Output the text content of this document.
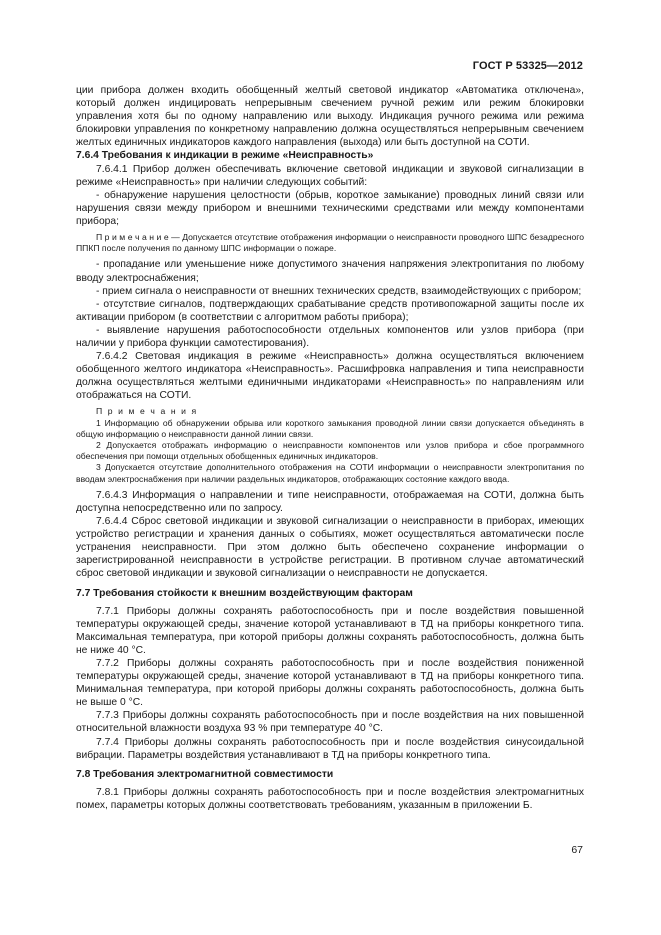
ГОСТ Р 53325—2012

ции прибора должен входить обобщенный желтый световой индикатор «Автоматика отключена», который должен индицировать непрерывным свечением ручной режим или режим блокировки управления хотя бы по одному направлению или выходу. Индикация ручного режима или режима блокировки управления по конкретному направлению должна осуществляться непрерывным свечением желтых единичных индикаторов каждого направления (выхода) или быть доступной на СОТИ.

7.6.4 Требования к индикации в режиме «Неисправность»

7.6.4.1 Прибор должен обеспечивать включение световой индикации и звуковой сигнализации в режиме «Неисправность» при наличии следующих событий:

- обнаружение нарушения целостности (обрыв, короткое замыкание) проводных линий связи или нарушения связи между прибором и внешними техническими средствами или между компонентами прибора;

П р и м е ч а н и е — Допускается отсутствие отображения информации о неисправности проводного ШПС безадресного ППКП после получения по данному ШПС информации о пожаре.

- пропадание или уменьшение ниже допустимого значения напряжения электропитания по любому вводу электроснабжения;

- прием сигнала о неисправности от внешних технических средств, взаимодействующих с прибором;

- отсутствие сигналов, подтверждающих срабатывание средств противопожарной защиты после их активации прибором (в соответствии с алгоритмом работы прибора);

- выявление нарушения работоспособности отдельных компонентов или узлов прибора (при наличии у прибора функции самотестирования).

7.6.4.2 Световая индикация в режиме «Неисправность» должна осуществляться включением обобщенного желтого индикатора «Неисправность». Расшифровка направления и типа неисправности должна осуществляться желтыми единичными индикаторами «Неисправность» по направлениям или отображаться на СОТИ.

П р и м е ч а н и я

1 Информацию об обнаружении обрыва или короткого замыкания проводной линии связи допускается объединять в общую информацию о неисправности данной линии связи.

2 Допускается отображать информацию о неисправности компонентов или узлов прибора и сбое программного обеспечения при помощи отдельных обобщенных единичных индикаторов.

3 Допускается отсутствие дополнительного отображения на СОТИ информации о неисправности электропитания по вводам электроснабжения при наличии раздельных индикаторов, отображающих состояние каждого ввода.

7.6.4.3 Информация о направлении и типе неисправности, отображаемая на СОТИ, должна быть доступна непосредственно или по запросу.

7.6.4.4 Сброс световой индикации и звуковой сигнализации о неисправности в приборах, имеющих устройство регистрации и хранения данных о событиях, может осуществляться автоматически после устранения неисправности. При этом должно быть обеспечено сохранение информации о зарегистрированной неисправности в устройстве регистрации. В противном случае автоматический сброс световой индикации и звуковой сигнализации о неисправности не допускается.

7.7 Требования стойкости к внешним воздействующим факторам

7.7.1 Приборы должны сохранять работоспособность при и после воздействия повышенной температуры окружающей среды, значение которой устанавливают в ТД на приборы конкретного типа. Максимальная температура, при которой приборы должны сохранять работоспособность, должна быть не ниже 40 °С.

7.7.2 Приборы должны сохранять работоспособность при и после воздействия пониженной температуры окружающей среды, значение которой устанавливают в ТД на приборы конкретного типа. Минимальная температура, при которой приборы должны сохранять работоспособность, должна быть не выше 0 °С.

7.7.3 Приборы должны сохранять работоспособность при и после воздействия на них повышенной относительной влажности воздуха 93 % при температуре 40 °С.

7.7.4 Приборы должны сохранять работоспособность при и после воздействия синусоидальной вибрации. Параметры воздействия устанавливают в ТД на приборы конкретного типа.

7.8 Требования электромагнитной совместимости

7.8.1 Приборы должны сохранять работоспособность при и после воздействия электромагнитных помех, параметры которых должны соответствовать требованиям, указанным в приложении Б.

67
